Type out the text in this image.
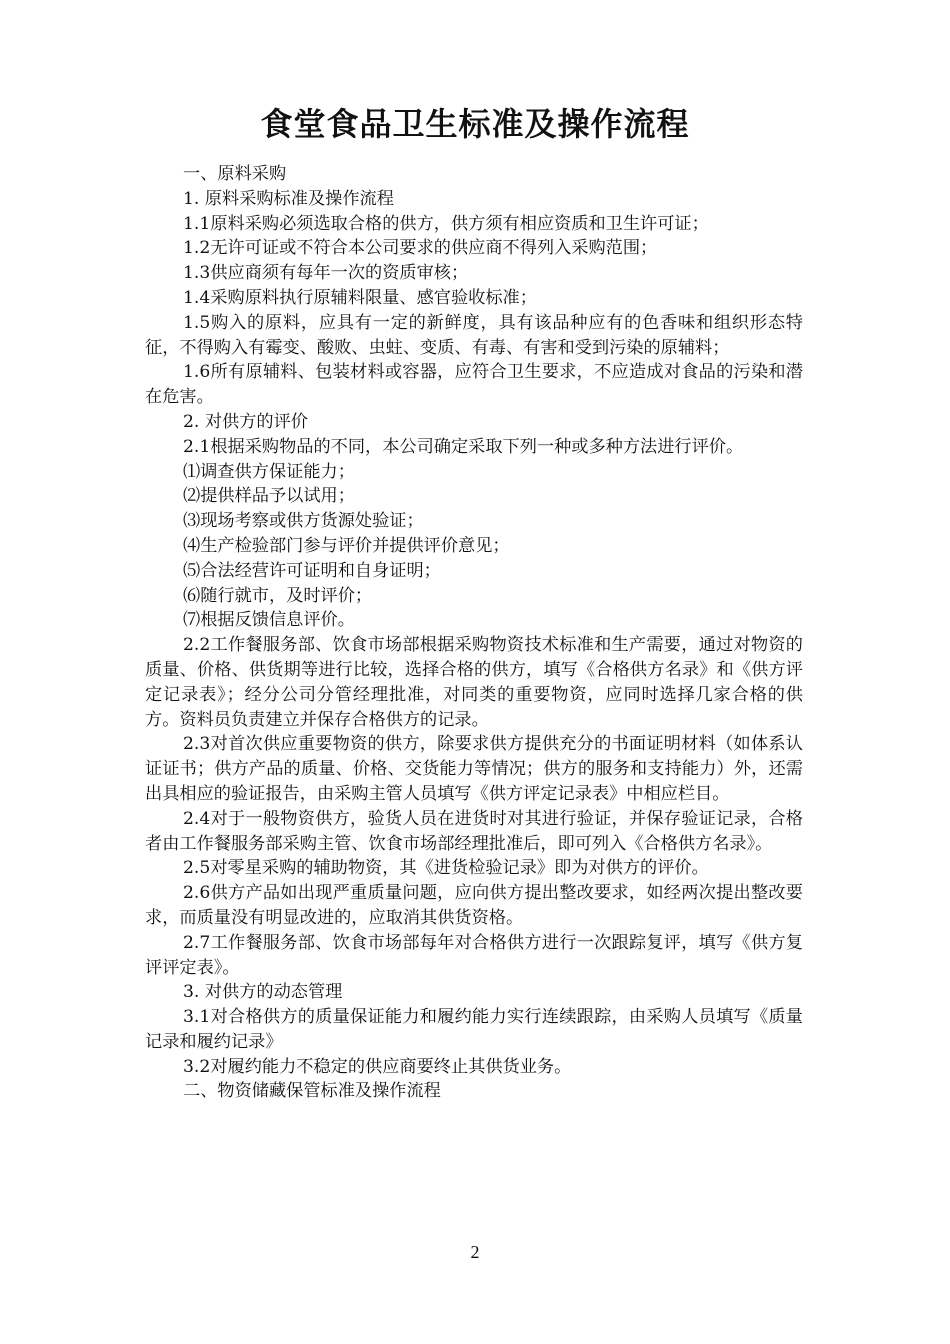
食堂食品卫生标准及操作流程

一、原料采购

1. 原料采购标准及操作流程

1.1原料采购必须选取合格的供方，供方须有相应资质和卫生许可证；

1.2无许可证或不符合本公司要求的供应商不得列入采购范围；

1.3供应商须有每年一次的资质审核；

1.4采购原料执行原辅料限量、感官验收标准；

1.5购入的原料，应具有一定的新鲜度，具有该品种应有的色香味和组织形态特征，不得购入有霉变、酸败、虫蛀、变质、有毒、有害和受到污染的原辅料；

1.6所有原辅料、包装材料或容器，应符合卫生要求，不应造成对食品的污染和潜在危害。

2. 对供方的评价

2.1根据采购物品的不同，本公司确定采取下列一种或多种方法进行评价。

⑴调查供方保证能力；

⑵提供样品予以试用；

⑶现场考察或供方货源处验证；

⑷生产检验部门参与评价并提供评价意见；

⑸合法经营许可证明和自身证明；

⑹随行就市，及时评价；

⑺根据反馈信息评价。

2.2工作餐服务部、饮食市场部根据采购物资技术标准和生产需要，通过对物资的质量、价格、供货期等进行比较，选择合格的供方，填写《合格供方名录》和《供方评定记录表》；经分公司分管经理批准，对同类的重要物资，应同时选择几家合格的供方。资料员负责建立并保存合格供方的记录。

2.3对首次供应重要物资的供方，除要求供方提供充分的书面证明材料（如体系认证证书；供方产品的质量、价格、交货能力等情况；供方的服务和支持能力）外，还需出具相应的验证报告，由采购主管人员填写《供方评定记录表》中相应栏目。

2.4对于一般物资供方，验货人员在进货时对其进行验证，并保存验证记录，合格者由工作餐服务部采购主管、饮食市场部经理批准后，即可列入《合格供方名录》。

2.5对零星采购的辅助物资，其《进货检验记录》即为对供方的评价。

2.6供方产品如出现严重质量问题，应向供方提出整改要求，如经两次提出整改要求，而质量没有明显改进的，应取消其供货资格。

2.7工作餐服务部、饮食市场部每年对合格供方进行一次跟踪复评，填写《供方复评评定表》。

3. 对供方的动态管理

3.1对合格供方的质量保证能力和履约能力实行连续跟踪，由采购人员填写《质量记录和履约记录》

3.2对履约能力不稳定的供应商要终止其供货业务。

二、物资储藏保管标准及操作流程

2
